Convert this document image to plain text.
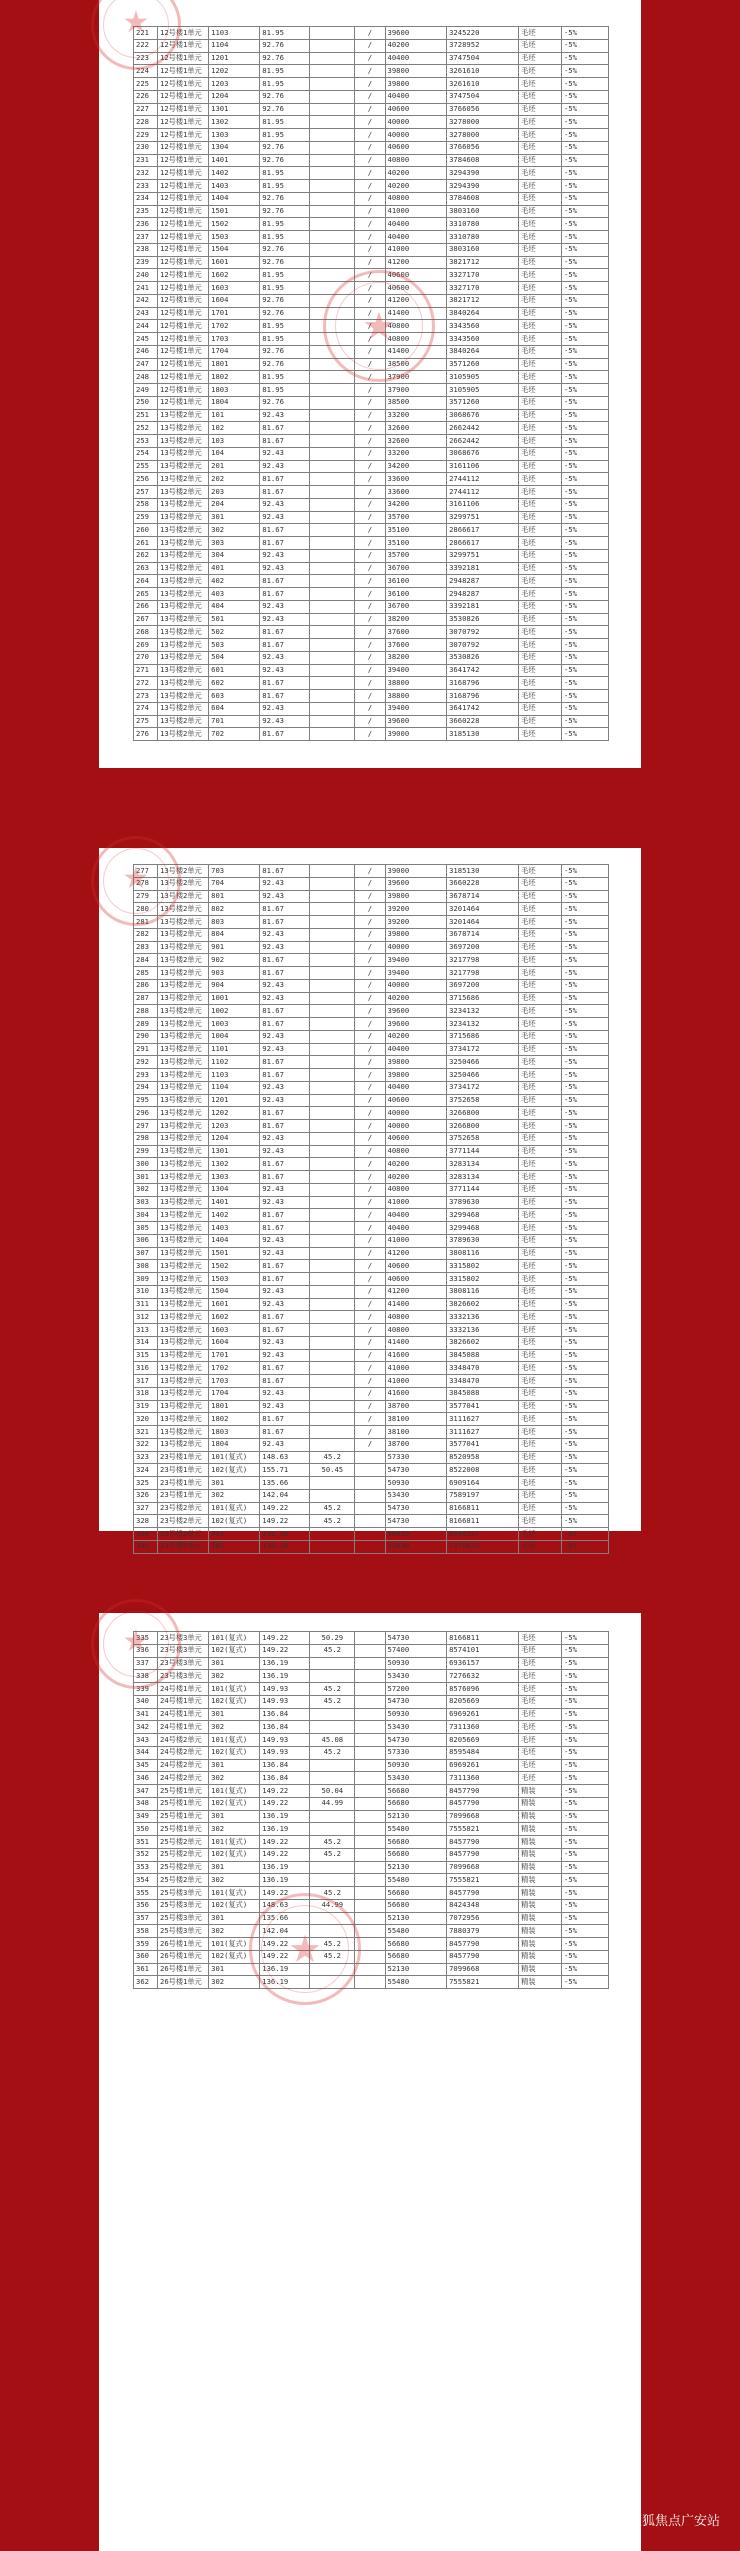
221	12号楼1单元	1103	81.95		/	39600	3245220	毛坯	-5%
222	12号楼1单元	1104	92.76		/	40200	3728952	毛坯	-5%
223	12号楼1单元	1201	92.76		/	40400	3747504	毛坯	-5%
224	12号楼1单元	1202	81.95		/	39800	3261610	毛坯	-5%
225	12号楼1单元	1203	81.95		/	39800	3261610	毛坯	-5%
226	12号楼1单元	1204	92.76		/	40400	3747504	毛坯	-5%
227	12号楼1单元	1301	92.76		/	40600	3766056	毛坯	-5%
228	12号楼1单元	1302	81.95		/	40000	3278000	毛坯	-5%
229	12号楼1单元	1303	81.95		/	40000	3278000	毛坯	-5%
230	12号楼1单元	1304	92.76		/	40600	3766056	毛坯	-5%
231	12号楼1单元	1401	92.76		/	40800	3784608	毛坯	-5%
232	12号楼1单元	1402	81.95		/	40200	3294390	毛坯	-5%
233	12号楼1单元	1403	81.95		/	40200	3294390	毛坯	-5%
234	12号楼1单元	1404	92.76		/	40800	3784608	毛坯	-5%
235	12号楼1单元	1501	92.76		/	41000	3803160	毛坯	-5%
236	12号楼1单元	1502	81.95		/	40400	3310780	毛坯	-5%
237	12号楼1单元	1503	81.95		/	40400	3310780	毛坯	-5%
238	12号楼1单元	1504	92.76		/	41000	3803160	毛坯	-5%
239	12号楼1单元	1601	92.76		/	41200	3821712	毛坯	-5%
240	12号楼1单元	1602	81.95		/	40600	3327170	毛坯	-5%
241	12号楼1单元	1603	81.95		/	40600	3327170	毛坯	-5%
242	12号楼1单元	1604	92.76		/	41200	3821712	毛坯	-5%
243	12号楼1单元	1701	92.76		/	41400	3840264	毛坯	-5%
244	12号楼1单元	1702	81.95		/	40800	3343560	毛坯	-5%
245	12号楼1单元	1703	81.95		/	40800	3343560	毛坯	-5%
246	12号楼1单元	1704	92.76		/	41400	3840264	毛坯	-5%
247	12号楼1单元	1801	92.76		/	38500	3571260	毛坯	-5%
248	12号楼1单元	1802	81.95		/	37900	3105905	毛坯	-5%
249	12号楼1单元	1803	81.95		/	37900	3105905	毛坯	-5%
250	12号楼1单元	1804	92.76		/	38500	3571260	毛坯	-5%
251	13号楼2单元	101	92.43		/	33200	3068676	毛坯	-5%
252	13号楼2单元	102	81.67		/	32600	2662442	毛坯	-5%
253	13号楼2单元	103	81.67		/	32600	2662442	毛坯	-5%
254	13号楼2单元	104	92.43		/	33200	3068676	毛坯	-5%
255	13号楼2单元	201	92.43		/	34200	3161106	毛坯	-5%
256	13号楼2单元	202	81.67		/	33600	2744112	毛坯	-5%
257	13号楼2单元	203	81.67		/	33600	2744112	毛坯	-5%
258	13号楼2单元	204	92.43		/	34200	3161106	毛坯	-5%
259	13号楼2单元	301	92.43		/	35700	3299751	毛坯	-5%
260	13号楼2单元	302	81.67		/	35100	2866617	毛坯	-5%
261	13号楼2单元	303	81.67		/	35100	2866617	毛坯	-5%
262	13号楼2单元	304	92.43		/	35700	3299751	毛坯	-5%
263	13号楼2单元	401	92.43		/	36700	3392181	毛坯	-5%
264	13号楼2单元	402	81.67		/	36100	2948287	毛坯	-5%
265	13号楼2单元	403	81.67		/	36100	2948287	毛坯	-5%
266	13号楼2单元	404	92.43		/	36700	3392181	毛坯	-5%
267	13号楼2单元	501	92.43		/	38200	3530826	毛坯	-5%
268	13号楼2单元	502	81.67		/	37600	3070792	毛坯	-5%
269	13号楼2单元	503	81.67		/	37600	3070792	毛坯	-5%
270	13号楼2单元	504	92.43		/	38200	3530826	毛坯	-5%
271	13号楼2单元	601	92.43		/	39400	3641742	毛坯	-5%
272	13号楼2单元	602	81.67		/	38800	3168796	毛坯	-5%
273	13号楼2单元	603	81.67		/	38800	3168796	毛坯	-5%
274	13号楼2单元	604	92.43		/	39400	3641742	毛坯	-5%
275	13号楼2单元	701	92.43		/	39600	3660228	毛坯	-5%
276	13号楼2单元	702	81.67		/	39000	3185130	毛坯	-5%
★
★
277	13号楼2单元	703	81.67		/	39000	3185130	毛坯	-5%
278	13号楼2单元	704	92.43		/	39600	3660228	毛坯	-5%
279	13号楼2单元	801	92.43		/	39800	3678714	毛坯	-5%
280	13号楼2单元	802	81.67		/	39200	3201464	毛坯	-5%
281	13号楼2单元	803	81.67		/	39200	3201464	毛坯	-5%
282	13号楼2单元	804	92.43		/	39800	3678714	毛坯	-5%
283	13号楼2单元	901	92.43		/	40000	3697200	毛坯	-5%
284	13号楼2单元	902	81.67		/	39400	3217798	毛坯	-5%
285	13号楼2单元	903	81.67		/	39400	3217798	毛坯	-5%
286	13号楼2单元	904	92.43		/	40000	3697200	毛坯	-5%
287	13号楼2单元	1001	92.43		/	40200	3715686	毛坯	-5%
288	13号楼2单元	1002	81.67		/	39600	3234132	毛坯	-5%
289	13号楼2单元	1003	81.67		/	39600	3234132	毛坯	-5%
290	13号楼2单元	1004	92.43		/	40200	3715686	毛坯	-5%
291	13号楼2单元	1101	92.43		/	40400	3734172	毛坯	-5%
292	13号楼2单元	1102	81.67		/	39800	3250466	毛坯	-5%
293	13号楼2单元	1103	81.67		/	39800	3250466	毛坯	-5%
294	13号楼2单元	1104	92.43		/	40400	3734172	毛坯	-5%
295	13号楼2单元	1201	92.43		/	40600	3752658	毛坯	-5%
296	13号楼2单元	1202	81.67		/	40000	3266800	毛坯	-5%
297	13号楼2单元	1203	81.67		/	40000	3266800	毛坯	-5%
298	13号楼2单元	1204	92.43		/	40600	3752658	毛坯	-5%
299	13号楼2单元	1301	92.43		/	40800	3771144	毛坯	-5%
300	13号楼2单元	1302	81.67		/	40200	3283134	毛坯	-5%
301	13号楼2单元	1303	81.67		/	40200	3283134	毛坯	-5%
302	13号楼2单元	1304	92.43		/	40800	3771144	毛坯	-5%
303	13号楼2单元	1401	92.43		/	41000	3789630	毛坯	-5%
304	13号楼2单元	1402	81.67		/	40400	3299468	毛坯	-5%
305	13号楼2单元	1403	81.67		/	40400	3299468	毛坯	-5%
306	13号楼2单元	1404	92.43		/	41000	3789630	毛坯	-5%
307	13号楼2单元	1501	92.43		/	41200	3808116	毛坯	-5%
308	13号楼2单元	1502	81.67		/	40600	3315802	毛坯	-5%
309	13号楼2单元	1503	81.67		/	40600	3315802	毛坯	-5%
310	13号楼2单元	1504	92.43		/	41200	3808116	毛坯	-5%
311	13号楼2单元	1601	92.43		/	41400	3826602	毛坯	-5%
312	13号楼2单元	1602	81.67		/	40800	3332136	毛坯	-5%
313	13号楼2单元	1603	81.67		/	40800	3332136	毛坯	-5%
314	13号楼2单元	1604	92.43		/	41400	3826602	毛坯	-5%
315	13号楼2单元	1701	92.43		/	41600	3845088	毛坯	-5%
316	13号楼2单元	1702	81.67		/	41000	3348470	毛坯	-5%
317	13号楼2单元	1703	81.67		/	41000	3348470	毛坯	-5%
318	13号楼2单元	1704	92.43		/	41600	3845088	毛坯	-5%
319	13号楼2单元	1801	92.43		/	38700	3577041	毛坯	-5%
320	13号楼2单元	1802	81.67		/	38100	3111627	毛坯	-5%
321	13号楼2单元	1803	81.67		/	38100	3111627	毛坯	-5%
322	13号楼2单元	1804	92.43		/	38700	3577041	毛坯	-5%
323	23号楼1单元	101(复式)	148.63	45.2		57330	8520958	毛坯	-5%
324	23号楼1单元	102(复式)	155.71	50.45		54730	8522008	毛坯	-5%
325	23号楼1单元	301	135.66			50930	6909164	毛坯	-5%
326	23号楼1单元	302	142.04			53430	7589197	毛坯	-5%
327	23号楼2单元	101(复式)	149.22	45.2		54730	8166811	毛坯	-5%
328	23号楼2单元	102(复式)	149.22	45.2		54730	8166811	毛坯	-5%
329	23号楼2单元	301	136.19			50930	6936157	毛坯	-5%
330	23号楼2单元	302	136.19			53430	7276632	毛坯	-5%
★
★
335	23号楼3单元	101(复式)	149.22	50.29		54730	8166811	毛坯	-5%
336	23号楼3单元	102(复式)	149.22	45.2		57400	8574101	毛坯	-5%
337	23号楼3单元	301	136.19			50930	6936157	毛坯	-5%
338	23号楼3单元	302	136.19			53430	7276632	毛坯	-5%
339	24号楼1单元	101(复式)	149.93	45.2		57200	8576096	毛坯	-5%
340	24号楼1单元	102(复式)	149.93	45.2		54730	8205669	毛坯	-5%
341	24号楼1单元	301	136.84			50930	6969261	毛坯	-5%
342	24号楼1单元	302	136.84			53430	7311360	毛坯	-5%
343	24号楼2单元	101(复式)	149.93	45.08		54730	8205669	毛坯	-5%
344	24号楼2单元	102(复式)	149.93	45.2		57330	8595484	毛坯	-5%
345	24号楼2单元	301	136.84			50930	6969261	毛坯	-5%
346	24号楼2单元	302	136.84			53430	7311360	毛坯	-5%
347	25号楼1单元	101(复式)	149.22	50.04		56680	8457790	精装	-5%
348	25号楼1单元	102(复式)	149.22	44.99		56680	8457790	精装	-5%
349	25号楼1单元	301	136.19			52130	7099668	精装	-5%
350	25号楼1单元	302	136.19			55480	7555821	精装	-5%
351	25号楼2单元	101(复式)	149.22	45.2		56680	8457790	精装	-5%
352	25号楼2单元	102(复式)	149.22	45.2		56680	8457790	精装	-5%
353	25号楼2单元	301	136.19			52130	7099668	精装	-5%
354	25号楼2单元	302	136.19			55480	7555821	精装	-5%
355	25号楼3单元	101(复式)	149.22	45.2		56680	8457790	精装	-5%
356	25号楼3单元	102(复式)	148.63	44.99		56680	8424348	精装	-5%
357	25号楼3单元	301	135.66			52130	7072956	精装	-5%
358	25号楼3单元	302	142.04			55480	7880379	精装	-5%
359	26号楼1单元	101(复式)	149.22	45.2		56680	8457790	精装	-5%
360	26号楼1单元	102(复式)	149.22	45.2		56680	8457790	精装	-5%
361	26号楼1单元	301	136.19			52130	7099668	精装	-5%
362	26号楼1单元	302	136.19			55480	7555821	精装	-5%
★
★
搜狐号@搜狐焦点广安站
